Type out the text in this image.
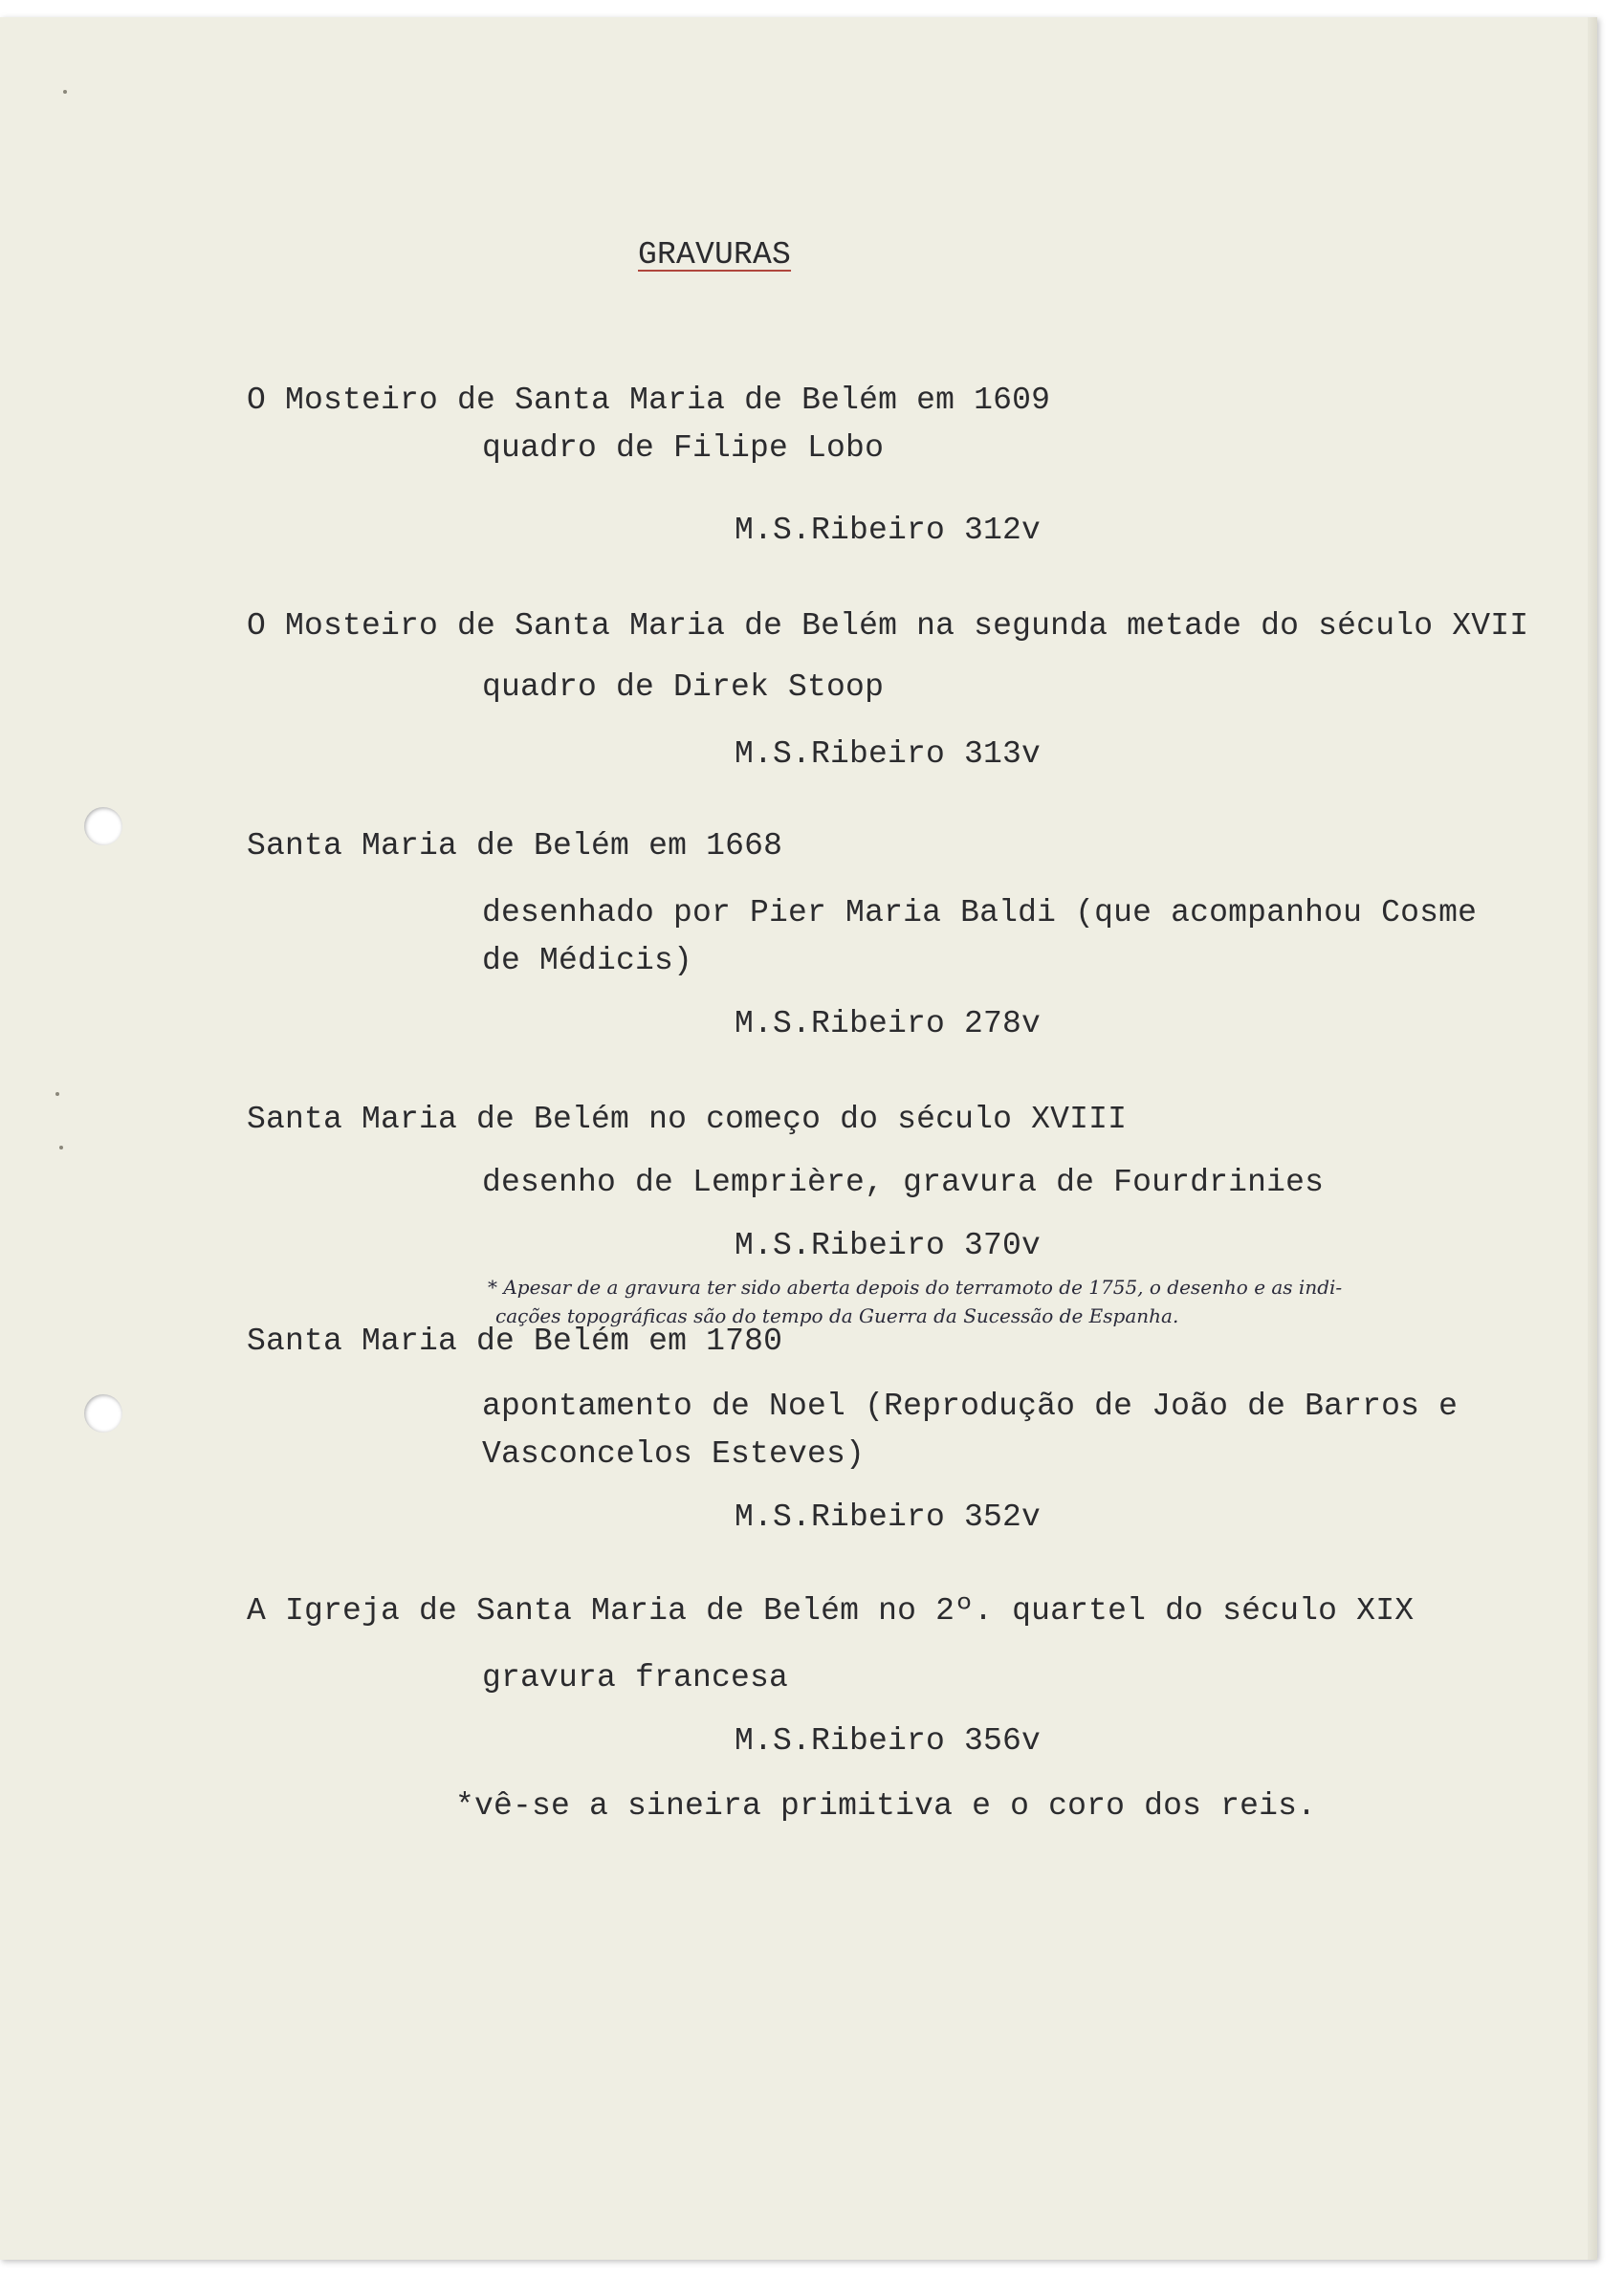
GRAVURAS
O Mosteiro de Santa Maria de Belém em 1609
quadro de Filipe Lobo
M.S.Ribeiro 312v
O Mosteiro de Santa Maria de Belém na segunda metade do século XVII
quadro de Direk Stoop
M.S.Ribeiro 313v
Santa Maria de Belém em 1668
desenhado por Pier Maria Baldi (que acompanhou Cosme
de Médicis)
M.S.Ribeiro 278v
Santa Maria de Belém no começo do século XVIII
desenho de Lemprière, gravura de Fourdrinies
M.S.Ribeiro 370v
* Apesar de a gravura ter sido aberta depois do terramoto de 1755, o desenho e as indi-
cações topográficas são do tempo da Guerra da Sucessão de Espanha.
Santa Maria de Belém em 1780
apontamento de Noel (Reprodução de João de Barros e
Vasconcelos Esteves)
M.S.Ribeiro 352v
A Igreja de Santa Maria de Belém no 2º. quartel do século XIX
gravura francesa
M.S.Ribeiro 356v
*vê-se a sineira primitiva e o coro dos reis.
